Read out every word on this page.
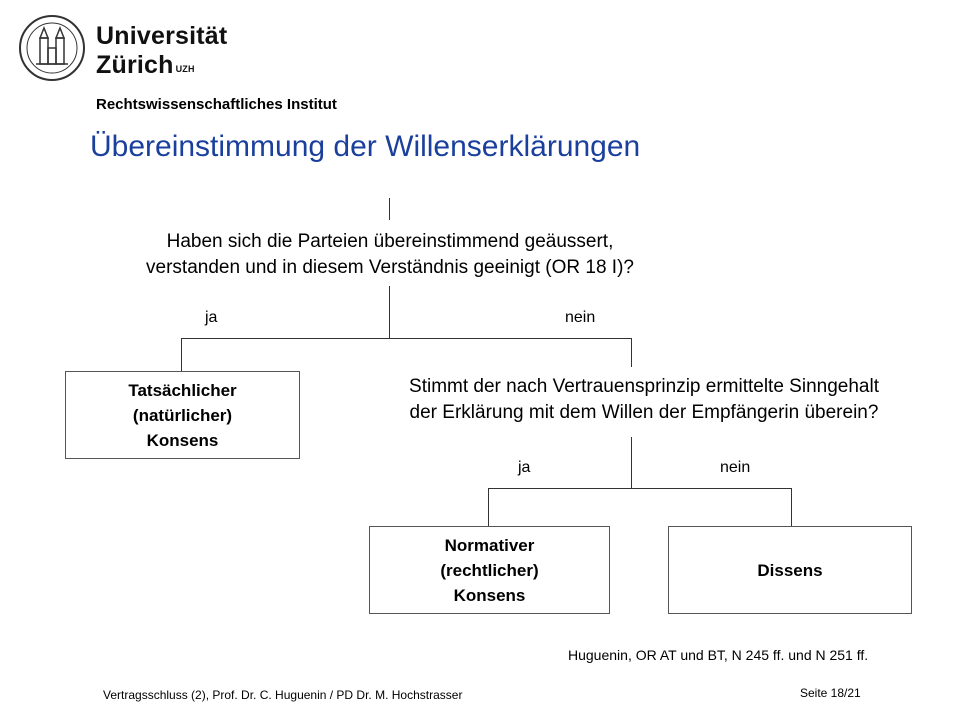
Universität
Zürich $^{UZH}$
Rechtswissenschaftliches Institut
Übereinstimmung der Willenserklärungen
Haben sich die Parteien übereinstimmend geäussert,
verstanden und in diesem Verständnis geeinigt (OR 18 I)?
ja	nein
Tatsächlicher
(natürlicher)
Konsens
Stimmt der nach Vertrauensprinzip ermittelte Sinngehalt
der Erklärung mit dem Willen der Empfängerin überein?
ja	nein
Normativer
(rechtlicher)
Konsens
Dissens
Huguenin, OR AT und BT, N 245 ff. und N 251 ff.
Vertragsschluss (2), Prof. Dr. C. Huguenin / PD Dr. M. Hochstrasser	Seite 18/21
